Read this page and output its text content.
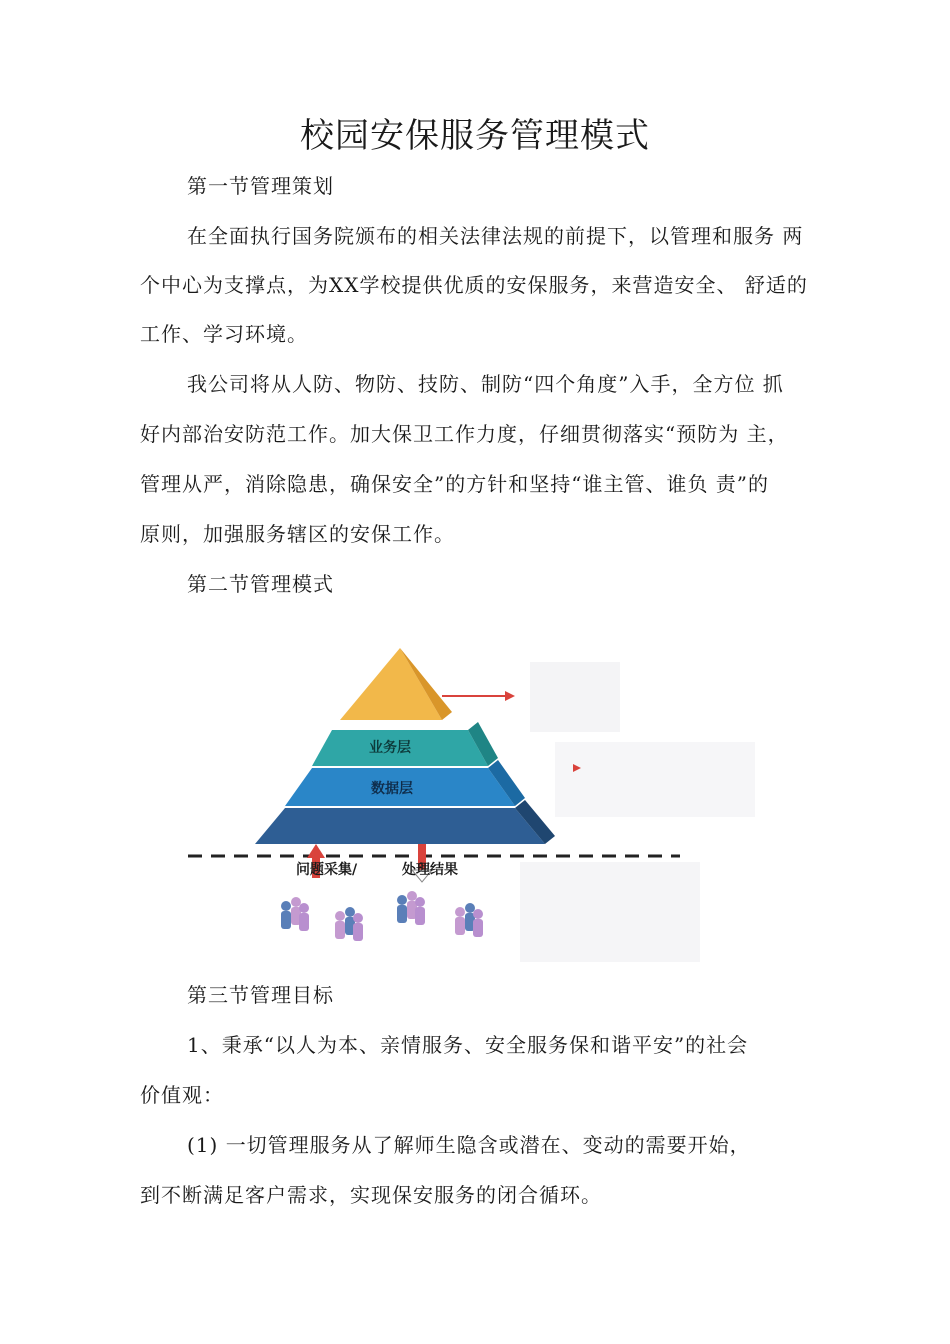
校园安保服务管理模式

第一节管理策划

在全面执行国务院颁布的相关法律法规的前提下，以管理和服务 两

个中心为支撑点，为XX学校提供优质的安保服务，来营造安全、 舒适的

工作、学习环境。

我公司将从人防、物防、技防、制防“四个角度”入手，全方位 抓

好内部治安防范工作。加大保卫工作力度，仔细贯彻落实“预防为 主，

管理从严，消除隐患，确保安全”的方针和坚持“谁主管、谁负 责”的

原则，加强服务辖区的安保工作。

第二节管理模式

数据层
业务层
问题采集/	处理结果

第三节管理目标

1、秉承“以人为本、亲情服务、安全服务保和谐平安”的社会

价值观：

(1) 一切管理服务从了解师生隐含或潜在、变动的需要开始，

到不断满足客户需求，实现保安服务的闭合循环。
